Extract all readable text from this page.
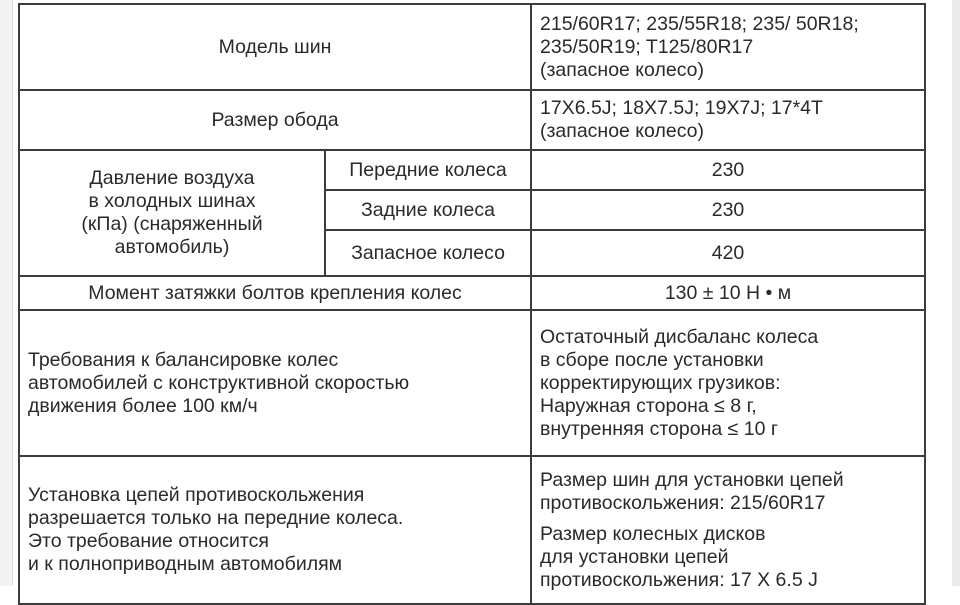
Модель шин		215/60R17; 235/55R18; 235/ 50R18;
235/50R19; T125/80R17
(запасное колесо)

Размер обода		17X6.5J; 18X7.5J; 19X7J; 17*4T
(запасное колесо)

Давление воздуха
в холодных шинах
(кПа) (снаряженный
автомобиль)	Передние колеса	230
	Задние колеса	230
	Запасное колесо	420
Момент затяжки болтов крепления колес		130 ± 10 Н • м

Требования к балансировке колес
автомобилей с конструктивной скоростью
движения более 100 км/ч		Остаточный дисбаланс колеса
в сборе после установки
корректирующих грузиков:
Наружная сторона ≤ 8 г,
внутренняя сторона ≤ 10 г

Установка цепей противоскольжения
разрешается только на передние колеса.
Это требование относится
и к полноприводным автомобилям		Размер шин для установки цепей
противоскольжения: 215/60R17
Размер колесных дисков
для установки цепей
противоскольжения: 17 X 6.5 J
